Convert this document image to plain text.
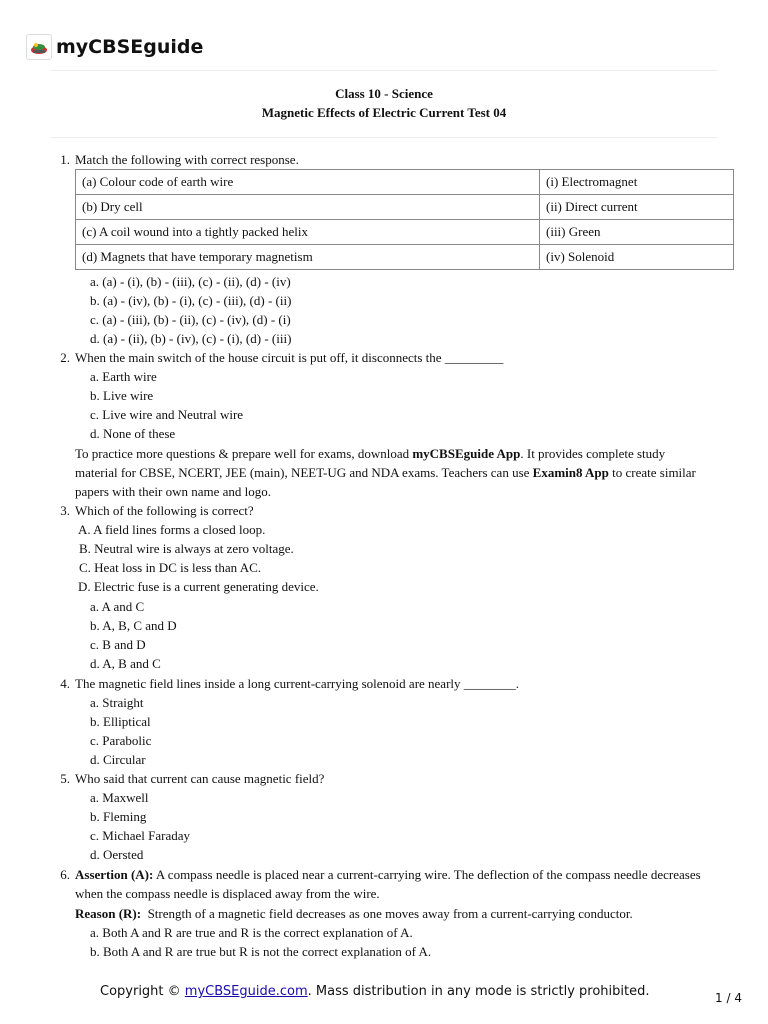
myCBSEguide
Class 10 - Science
Magnetic Effects of Electric Current Test 04
1. Match the following with correct response.
(a) Colour code of earth wire	(i) Electromagnet
(b) Dry cell	(ii) Direct current
(c) A coil wound into a tightly packed helix	(iii) Green
(d) Magnets that have temporary magnetism	(iv) Solenoid
a. (a) - (i), (b) - (iii), (c) - (ii), (d) - (iv)
b. (a) - (iv), (b) - (i), (c) - (iii), (d) - (ii)
c. (a) - (iii), (b) - (ii), (c) - (iv), (d) - (i)
d. (a) - (ii), (b) - (iv), (c) - (i), (d) - (iii)
2. When the main switch of the house circuit is put off, it disconnects the _________
a. Earth wire
b. Live wire
c. Live wire and Neutral wire
d. None of these
To practice more questions & prepare well for exams, download myCBSEguide App. It provides complete study
material for CBSE, NCERT, JEE (main), NEET-UG and NDA exams. Teachers can use Examin8 App to create similar
papers with their own name and logo.
3. Which of the following is correct?
A. A field lines forms a closed loop.
B. Neutral wire is always at zero voltage.
C. Heat loss in DC is less than AC.
D. Electric fuse is a current generating device.
a. A and C
b. A, B, C and D
c. B and D
d. A, B and C
4. The magnetic field lines inside a long current-carrying solenoid are nearly ________.
a. Straight
b. Elliptical
c. Parabolic
d. Circular
5. Who said that current can cause magnetic field?
a. Maxwell
b. Fleming
c. Michael Faraday
d. Oersted
6. Assertion (A): A compass needle is placed near a current-carrying wire. The deflection of the compass needle decreases
when the compass needle is displaced away from the wire.
Reason (R):  Strength of a magnetic field decreases as one moves away from a current-carrying conductor.
a. Both A and R are true and R is the correct explanation of A.
b. Both A and R are true but R is not the correct explanation of A.
Copyright © myCBSEguide.com. Mass distribution in any mode is strictly prohibited.	1 / 4
